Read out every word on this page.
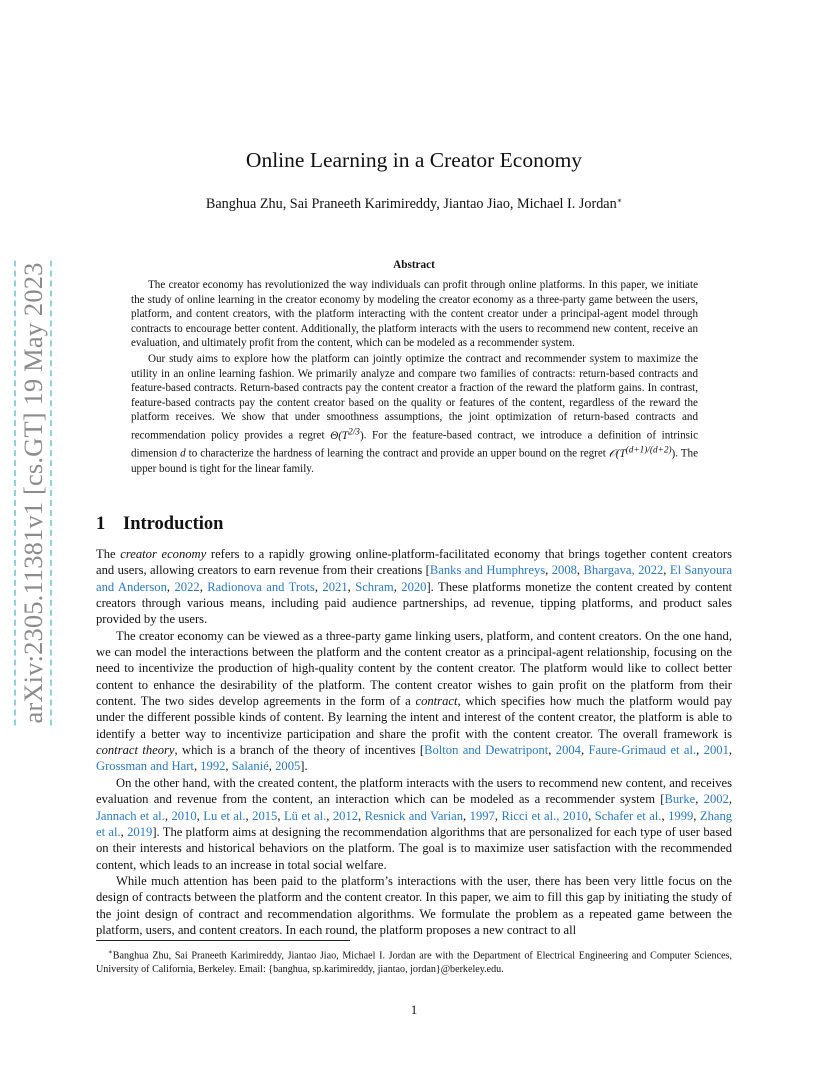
arXiv:2305.11381v1 [cs.GT] 19 May 2023
Online Learning in a Creator Economy
Banghua Zhu, Sai Praneeth Karimireddy, Jiantao Jiao, Michael I. Jordan∗
Abstract

The creator economy has revolutionized the way individuals can profit through online platforms. In this paper, we initiate the study of online learning in the creator economy by modeling the creator economy as a three-party game between the users, platform, and content creators, with the platform interacting with the content creator under a principal-agent model through contracts to encourage better content. Additionally, the platform interacts with the users to recommend new content, receive an evaluation, and ultimately profit from the content, which can be modeled as a recommender system.

Our study aims to explore how the platform can jointly optimize the contract and recommender system to maximize the utility in an online learning fashion. We primarily analyze and compare two families of contracts: return-based contracts and feature-based contracts. Return-based contracts pay the content creator a fraction of the reward the platform gains. In contrast, feature-based contracts pay the content creator based on the quality or features of the content, regardless of the reward the platform receives. We show that under smoothness assumptions, the joint optimization of return-based contracts and recommendation policy provides a regret $\Theta(T^{2/3})$. For the feature-based contract, we introduce a definition of intrinsic dimension d to characterize the hardness of learning the contract and provide an upper bound on the regret $𝒪(T^{(d+1)/(d+2)})$. The upper bound is tight for the linear family.

1 Introduction

The creator economy refers to a rapidly growing online-platform-facilitated economy that brings together content creators and users, allowing creators to earn revenue from their creations [Banks and Humphreys, 2008, Bhargava, 2022, El Sanyoura and Anderson, 2022, Radionova and Trots, 2021, Schram, 2020]. These platforms monetize the content created by content creators through various means, including paid audience partnerships, ad revenue, tipping platforms, and product sales provided by the users.

The creator economy can be viewed as a three-party game linking users, platform, and content creators. On the one hand, we can model the interactions between the platform and the content creator as a principal-agent relationship, focusing on the need to incentivize the production of high-quality content by the content creator. The platform would like to collect better content to enhance the desirability of the platform. The content creator wishes to gain profit on the platform from their content. The two sides develop agreements in the form of a contract, which specifies how much the platform would pay under the different possible kinds of content. By learning the intent and interest of the content creator, the platform is able to identify a better way to incentivize participation and share the profit with the content creator. The overall framework is contract theory, which is a branch of the theory of incentives [Bolton and Dewatripont, 2004, Faure-Grimaud et al., 2001, Grossman and Hart, 1992, Salanié, 2005].

On the other hand, with the created content, the platform interacts with the users to recommend new content, and receives evaluation and revenue from the content, an interaction which can be modeled as a recommender system [Burke, 2002, Jannach et al., 2010, Lu et al., 2015, Lü et al., 2012, Resnick and Varian, 1997, Ricci et al., 2010, Schafer et al., 1999, Zhang et al., 2019]. The platform aims at designing the recommendation algorithms that are personalized for each type of user based on their interests and historical behaviors on the platform. The goal is to maximize user satisfaction with the recommended content, which leads to an increase in total social welfare.

While much attention has been paid to the platform’s interactions with the user, there has been very little focus on the design of contracts between the platform and the content creator. In this paper, we aim to fill this gap by initiating the study of the joint design of contract and recommendation algorithms. We formulate the problem as a repeated game between the platform, users, and content creators. In each round, the platform proposes a new contract to all

∗Banghua Zhu, Sai Praneeth Karimireddy, Jiantao Jiao, Michael I. Jordan are with the Department of Electrical Engineering and Computer Sciences, University of California, Berkeley. Email: {banghua, sp.karimireddy, jiantao, jordan}@berkeley.edu.
1
